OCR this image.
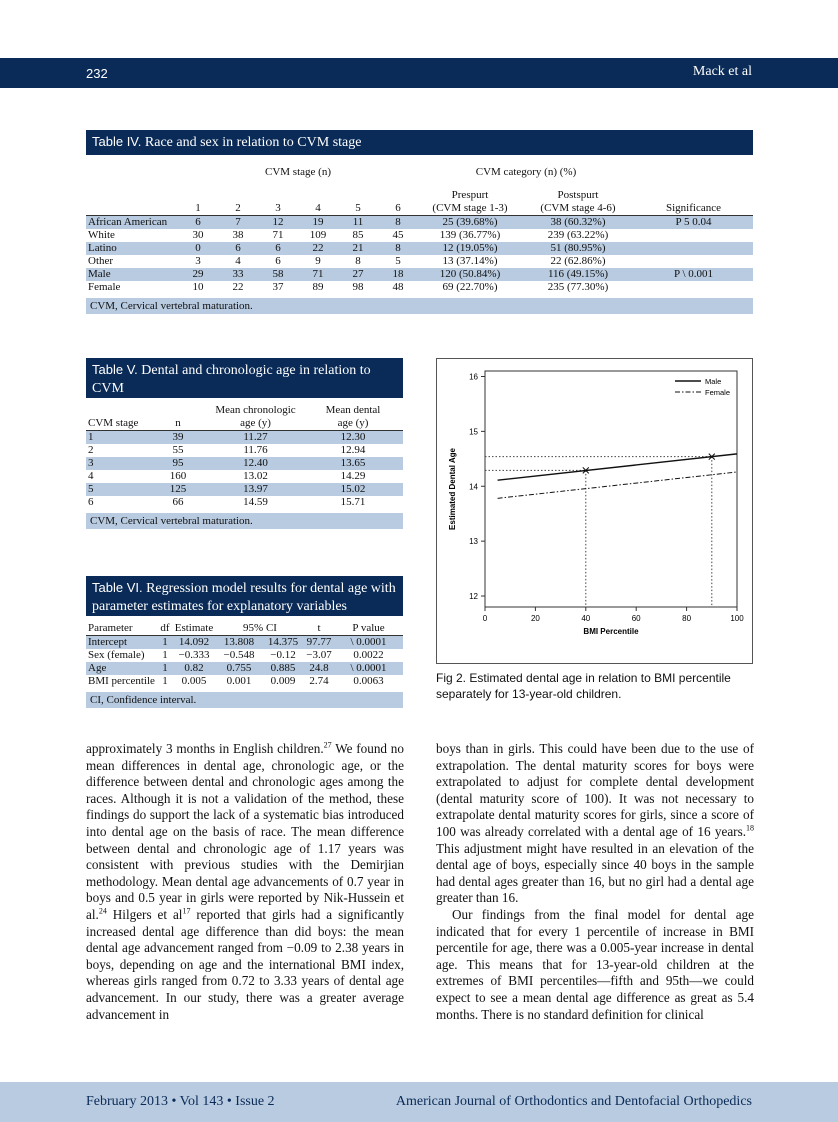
232	Mack et al
Table IV. Race and sex in relation to CVM stage
	CVM stage (n)						CVM category (n) (%)		

							Prespurt	Postspurt	
	1	2	3	4	5	6	(CVM stage 1-3)	(CVM stage 4-6)	Significance
African American	6	7	12	19	11	8	25 (39.68%)	38 (60.32%)	P 5 0.04
White	30	38	71	109	85	45	139 (36.77%)	239 (63.22%)	
Latino	0	6	6	22	21	8	12 (19.05%)	51 (80.95%)	
Other	3	4	6	9	8	5	13 (37.14%)	22 (62.86%)	
Male	29	33	58	71	27	18	120 (50.84%)	116 (49.15%)	P \ 0.001
Female	10	22	37	89	98	48	69 (22.70%)	235 (77.30%)	
CVM, Cervical vertebral maturation.
Table V. Dental and chronologic age in relation to CVM
		Mean chronologic	Mean dental
CVM stage	n	age (y)	age (y)
1	39	11.27	12.30
2	55	11.76	12.94
3	95	12.40	13.65
4	160	13.02	14.29
5	125	13.97	15.02
6	66	14.59	15.71
CVM, Cervical vertebral maturation.
Table VI. Regression model results for dental age with parameter estimates for explanatory variables
Parameter	df	Estimate	95% CI		t	P value
Intercept	1	14.092	13.808	14.375	97.77	\ 0.0001
Sex (female)	1	−0.333	−0.548	−0.12	−3.07	0.0022
Age	1	0.82	0.755	0.885	24.8	\ 0.0001
BMI percentile	1	0.005	0.001	0.009	2.74	0.0063
CI, Confidence interval.
12
13
14
15
16
0	20	40	60	80	100
BMI Percentile
Estimated Dental Age
Male
Female
Fig 2. Estimated dental age in relation to BMI percentile separately for 13-year-old children.

approximately 3 months in English children.$^{27}$ We found no mean differences in dental age, chronologic age, or the difference between dental and chronologic ages among the races. Although it is not a validation of the method, these findings do support the lack of a systematic bias introduced into dental age on the basis of race. The mean difference between dental and chronologic age of 1.17 years was consistent with previous studies with the Demirjian methodology. Mean dental age advancements of 0.7 year in boys and 0.5 year in girls were reported by Nik-Hussein et al.$^{24}$ Hilgers et $al^{17}$ reported that girls had a significantly increased dental age difference than did boys: the mean dental age advancement ranged from −0.09 to 2.38 years in boys, depending on age and the international BMI index, whereas girls ranged from 0.72 to 3.33 years of dental age advancement. In our study, there was a greater average advancement in

boys than in girls. This could have been due to the use of extrapolation. The dental maturity scores for boys were extrapolated to adjust for complete dental development (dental maturity score of 100). It was not necessary to extrapolate dental maturity scores for girls, since a score of 100 was already correlated with a dental age of 16 years.$^{18}$ This adjustment might have resulted in an elevation of the dental age of boys, especially since 40 boys in the sample had dental ages greater than 16, but no girl had a dental age greater than 16.

Our findings from the final model for dental age indicated that for every 1 percentile of increase in BMI percentile for age, there was a 0.005-year increase in dental age. This means that for 13-year-old children at the extremes of BMI percentiles—fifth and 95th—we could expect to see a mean dental age difference as great as 5.4 months. There is no standard definition for clinical

February 2013 • Vol 143 • Issue 2	American Journal of Orthodontics and Dentofacial Orthopedics
